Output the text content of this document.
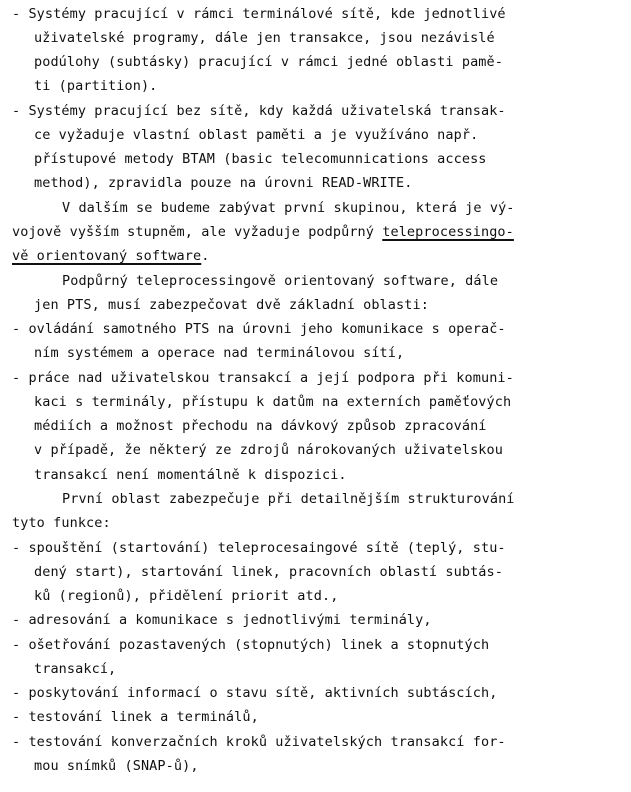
- Systémy pracující v rámci terminálové sítě, kde jednotlivé
uživatelské programy, dále jen transakce, jsou nezávislé
podúlohy (subtásky) pracující v rámci jedné oblasti pamě-
ti (partition).
- Systémy pracující bez sítě, kdy každá uživatelská transak-
ce vyžaduje vlastní oblast paměti a je využíváno např.
přístupové metody BTAM (basic telecomunnications access
method), zpravidla pouze na úrovni READ-WRITE.
V dalším se budeme zabývat první skupinou, která je vý-
vojově vyšším stupněm, ale vyžaduje podpůrný teleprocessingo-
vě orientovaný software.
Podpůrný teleprocessingově orientovaný software, dále
jen PTS, musí zabezpečovat dvě základní oblasti:
- ovládání samotného PTS na úrovni jeho komunikace s operač-
ním systémem a operace nad terminálovou sítí,
- práce nad uživatelskou transakcí a její podpora při komuni-
kaci s terminály, přístupu k datům na externích paměťových
médiích a možnost přechodu na dávkový způsob zpracování
v případě, že některý ze zdrojů nárokovaných uživatelskou
transakcí není momentálně k dispozici.
První oblast zabezpečuje při detailnějším strukturování
tyto funkce:
- spouštění (startování) teleprocesaingové sítě (teplý, stu-
dený start), startování linek, pracovních oblastí subtás-
ků (regionů), přidělení priorit atd.,
- adresování a komunikace s jednotlivými terminály,
- ošetřování pozastavených (stopnutých) linek a stopnutých
transakcí,
- poskytování informací o stavu sítě, aktivních subtáscích,
- testování linek a terminálů,
- testování konverzačních kroků uživatelských transakcí for-
mou snímků (SNAP-ů),
